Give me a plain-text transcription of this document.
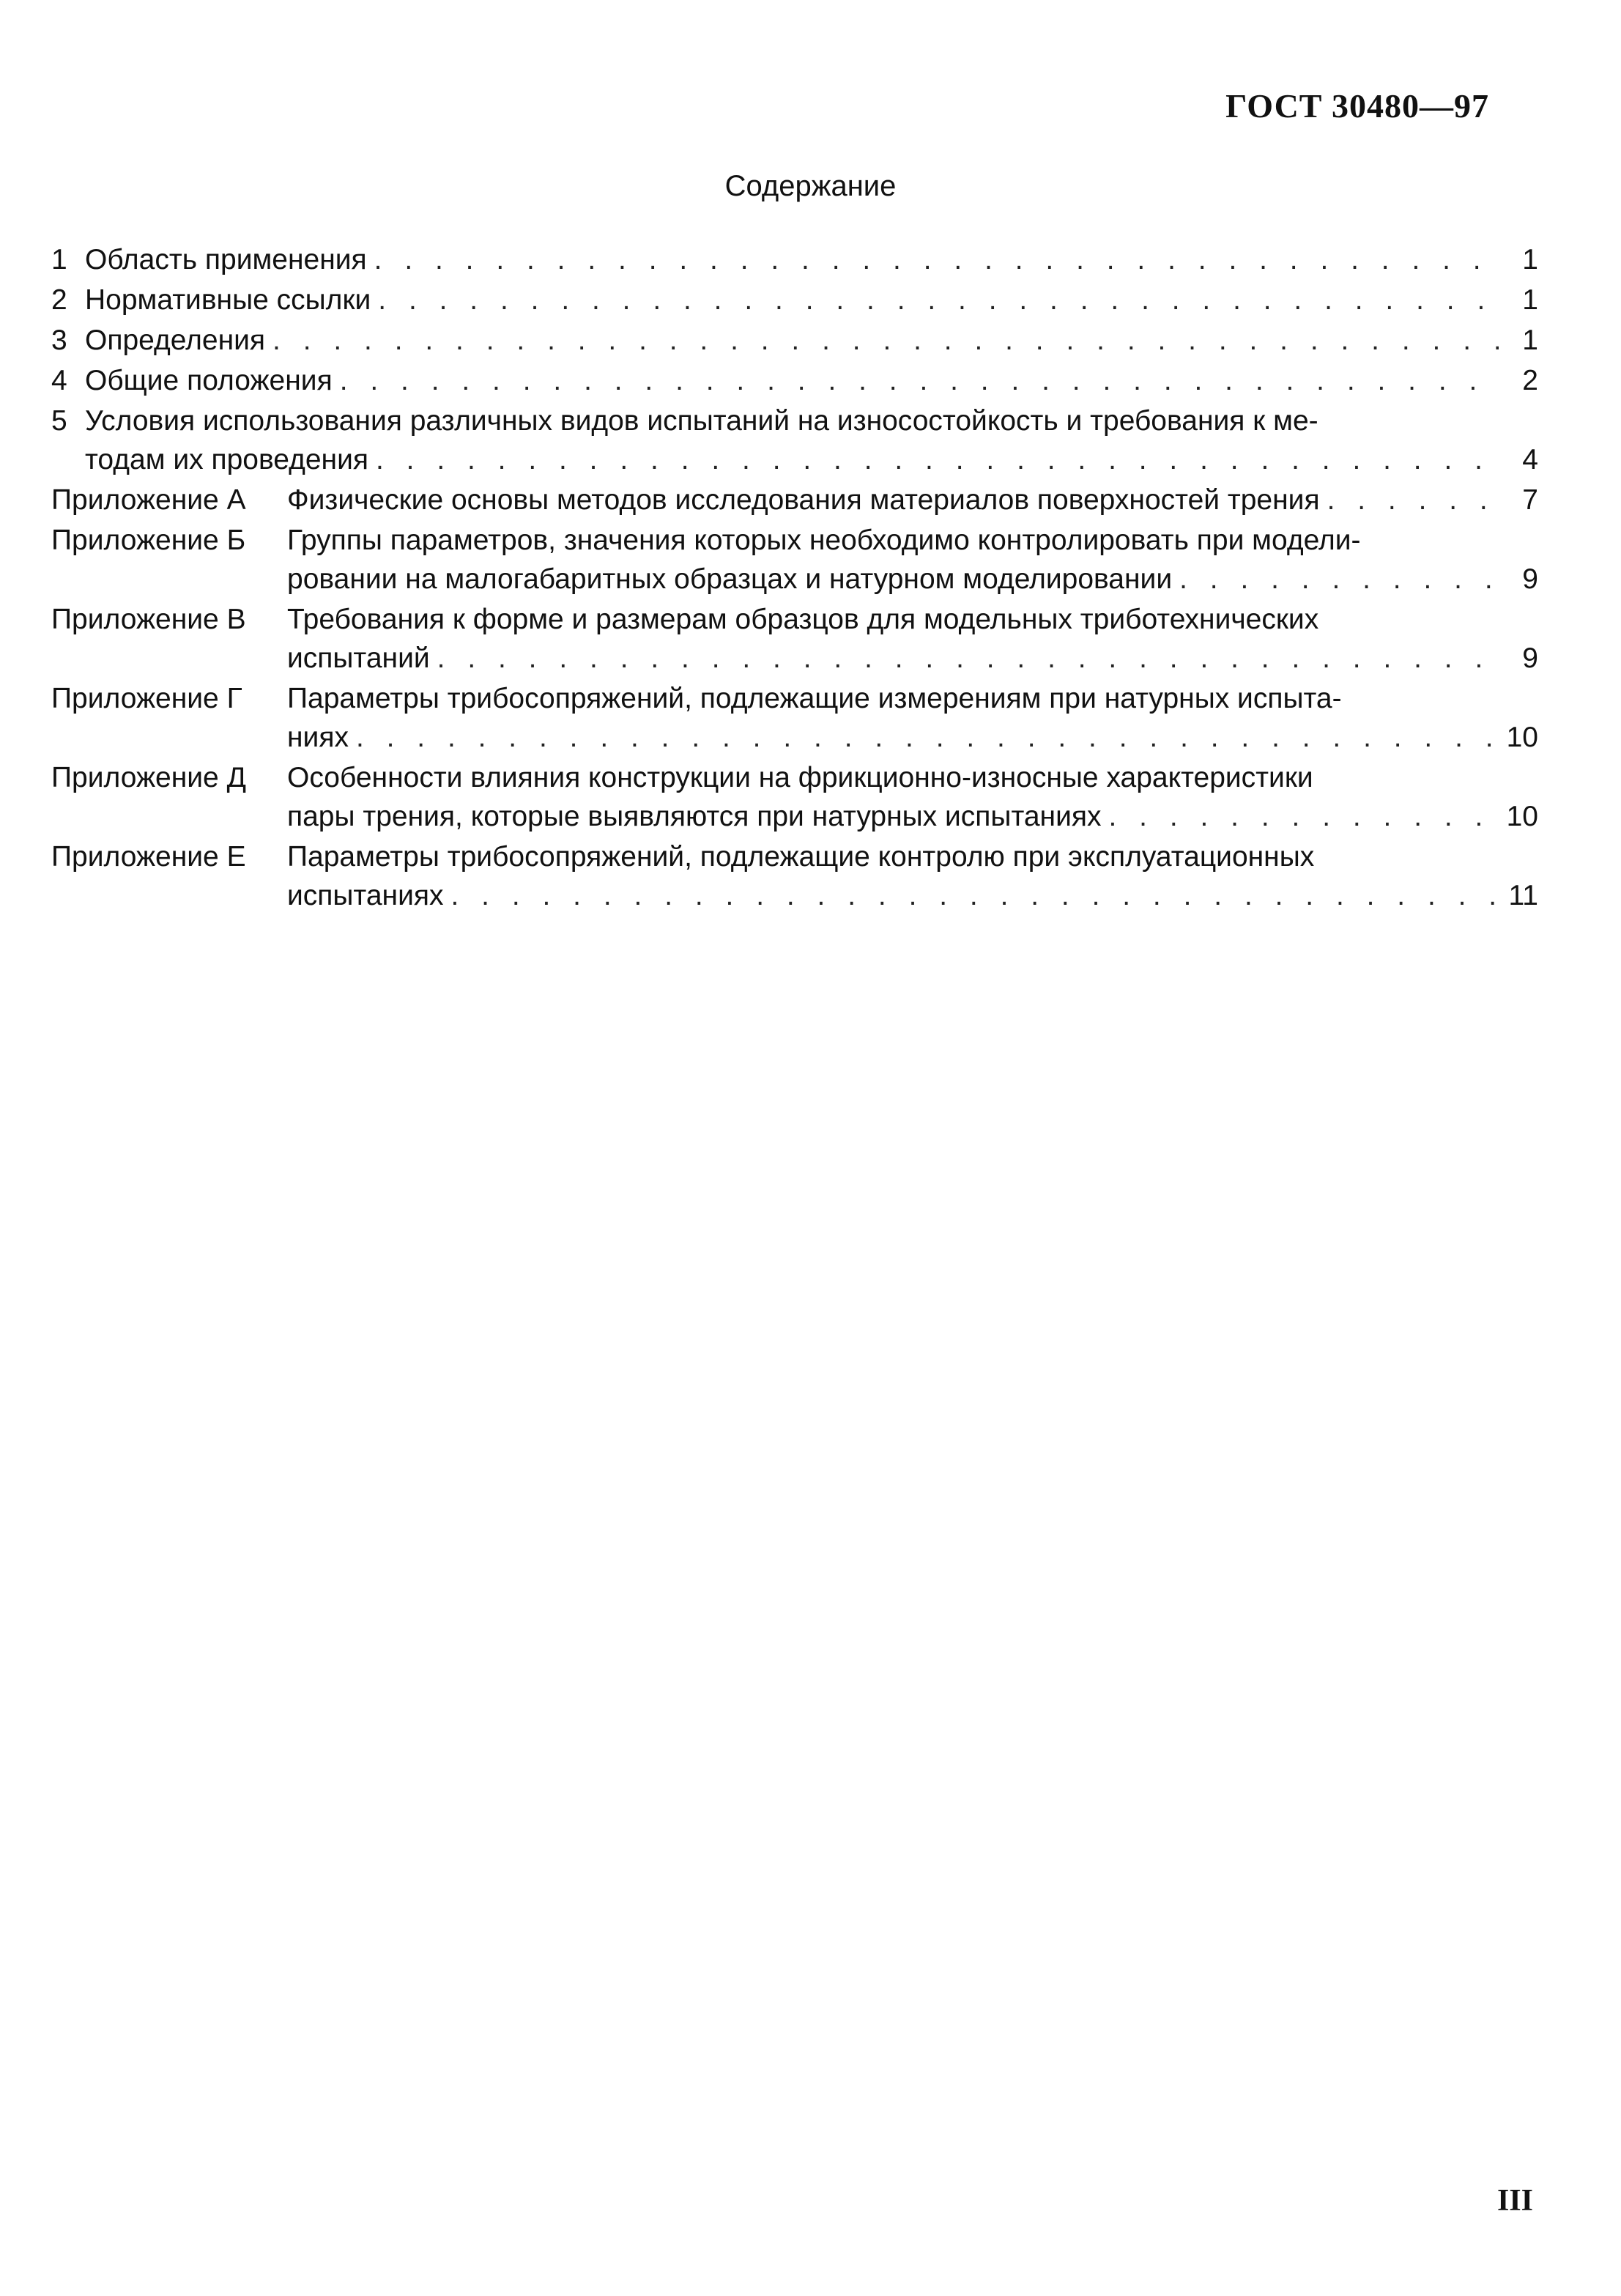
ГОСТ 30480—97
Содержание
1 Область применения . . .	1
2 Нормативные ссылки . . .	1
3 Определения . . .	1
4 Общие положения . . .	2
5 Условия использования различных видов испытаний на износостойкость и требования к ме-
тодам их проведения . . .	4
Приложение А	Физические основы методов исследования материалов поверхностей трения . . .	7
Приложение Б	Группы параметров, значения которых необходимо контролировать при модели-
ровании на малогабаритных образцах и натурном моделировании . . .	9
Приложение В	Требования к форме и размерам образцов для модельных триботехнических
испытаний . . .	9
Приложение Г	Параметры трибосопряжений, подлежащие измерениям при натурных испыта-
ниях . . .	10
Приложение Д	Особенности влияния конструкции на фрикционно-износные характеристики
пары трения, которые выявляются при натурных испытаниях . . .	10
Приложение Е	Параметры трибосопряжений, подлежащие контролю при эксплуатационных
испытаниях . . .	11
III
